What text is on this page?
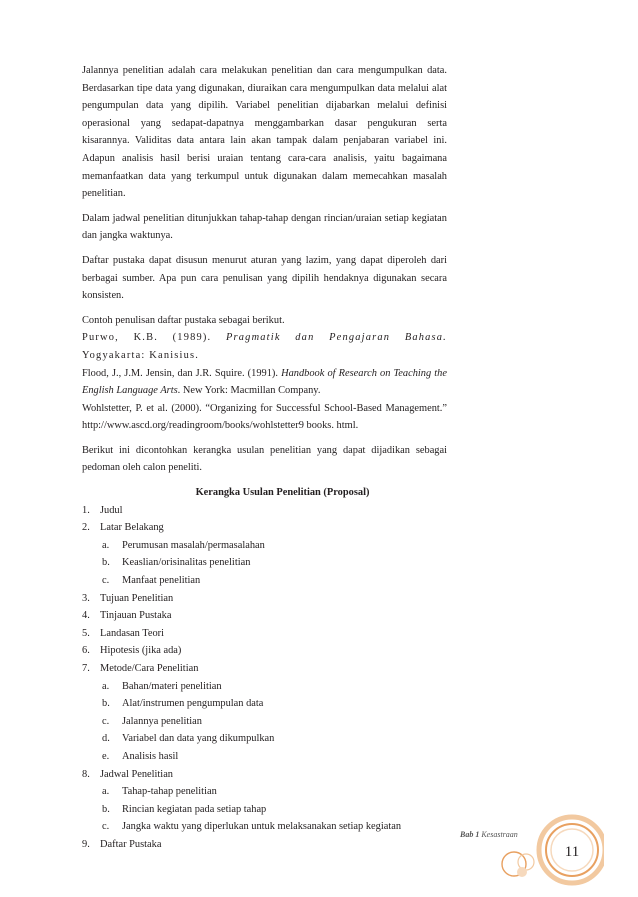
Jalannya penelitian adalah cara melakukan penelitian dan cara mengumpulkan data. Berdasarkan tipe data yang digunakan, diuraikan cara mengumpulkan data melalui alat pengumpulan data yang dipilih. Variabel penelitian dijabarkan melalui definisi operasional yang sedapat-dapatnya menggambarkan dasar pengukuran serta kisarannya. Validitas data antara lain akan tampak dalam penjabaran variabel ini. Adapun analisis hasil berisi uraian tentang cara-cara analisis, yaitu bagaimana memanfaatkan data yang terkumpul untuk digunakan dalam memecahkan masalah penelitian.

Dalam jadwal penelitian ditunjukkan tahap-tahap dengan rincian/uraian setiap kegiatan dan jangka waktunya.

Daftar pustaka dapat disusun menurut aturan yang lazim, yang dapat diperoleh dari berbagai sumber. Apa pun cara penulisan yang dipilih hendaknya digunakan secara konsisten.

Contoh penulisan daftar pustaka sebagai berikut.
Purwo, K.B. (1989). Pragmatik dan Pengajaran Bahasa. Yogyakarta: Kanisius.
Flood, J., J.M. Jensin, dan J.R. Squire. (1991). Handbook of Research on Teaching the English Language Arts. New York: Macmillan Company.
Wohlstetter, P. et al. (2000). “Organizing for Successful School-Based Management.” http://www.ascd.org/readingroom/books/wohlstetter9 books. html.

Berikut ini dicontohkan kerangka usulan penelitian yang dapat dijadikan sebagai pedoman oleh calon peneliti.

Kerangka Usulan Penelitian (Proposal)
1. Judul
2. Latar Belakang
a. Perumusan masalah/permasalahan
b. Keaslian/orisinalitas penelitian
c. Manfaat penelitian
3. Tujuan Penelitian
4. Tinjauan Pustaka
5. Landasan Teori
6. Hipotesis (jika ada)
7. Metode/Cara Penelitian
a. Bahan/materi penelitian
b. Alat/instrumen pengumpulan data
c. Jalannya penelitian
d. Variabel dan data yang dikumpulkan
e. Analisis hasil
8. Jadwal Penelitian
a. Tahap-tahap penelitian
b. Rincian kegiatan pada setiap tahap
c. Jangka waktu yang diperlukan untuk melaksanakan setiap kegiatan
9. Daftar Pustaka
Bab 1 Kesastraan
11
